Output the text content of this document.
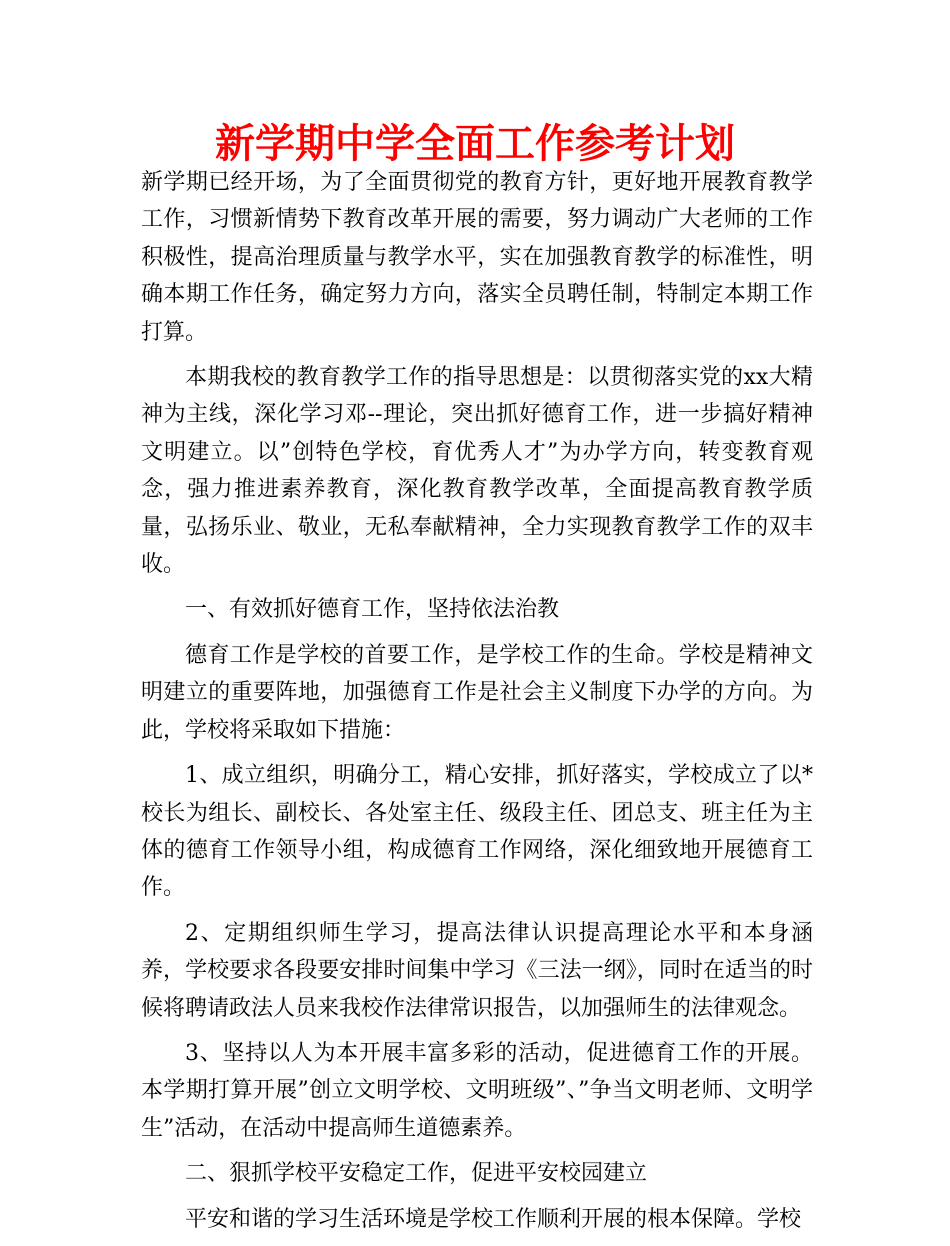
新学期中学全面工作参考计划

新学期已经开场，为了全面贯彻党的教育方针，更好地开展教育教学工作，习惯新情势下教育改革开展的需要，努力调动广大老师的工作积极性，提高治理质量与教学水平，实在加强教育教学的标准性，明确本期工作任务，确定努力方向，落实全员聘任制，特制定本期工作打算。

本期我校的教育教学工作的指导思想是：以贯彻落实党的xx大精神为主线，深化学习邓--理论，突出抓好德育工作，进一步搞好精神文明建立。以”创特色学校，育优秀人才”为办学方向，转变教育观念，强力推进素养教育，深化教育教学改革，全面提高教育教学质量，弘扬乐业、敬业，无私奉献精神，全力实现教育教学工作的双丰收。

一、有效抓好德育工作，坚持依法治教

德育工作是学校的首要工作，是学校工作的生命。学校是精神文明建立的重要阵地，加强德育工作是社会主义制度下办学的方向。为此，学校将采取如下措施：

1、成立组织，明确分工，精心安排，抓好落实，学校成立了以*校长为组长、副校长、各处室主任、级段主任、团总支、班主任为主体的德育工作领导小组，构成德育工作网络，深化细致地开展德育工作。

2、定期组织师生学习，提高法律认识提高理论水平和本身涵养，学校要求各段要安排时间集中学习《三法一纲》，同时在适当的时候将聘请政法人员来我校作法律常识报告，以加强师生的法律观念。

3、坚持以人为本开展丰富多彩的活动，促进德育工作的开展。本学期打算开展”创立文明学校、文明班级”、”争当文明老师、文明学生”活动，在活动中提高师生道德素养。

二、狠抓学校平安稳定工作，促进平安校园建立

平安和谐的学习生活环境是学校工作顺利开展的根本保障。学校
